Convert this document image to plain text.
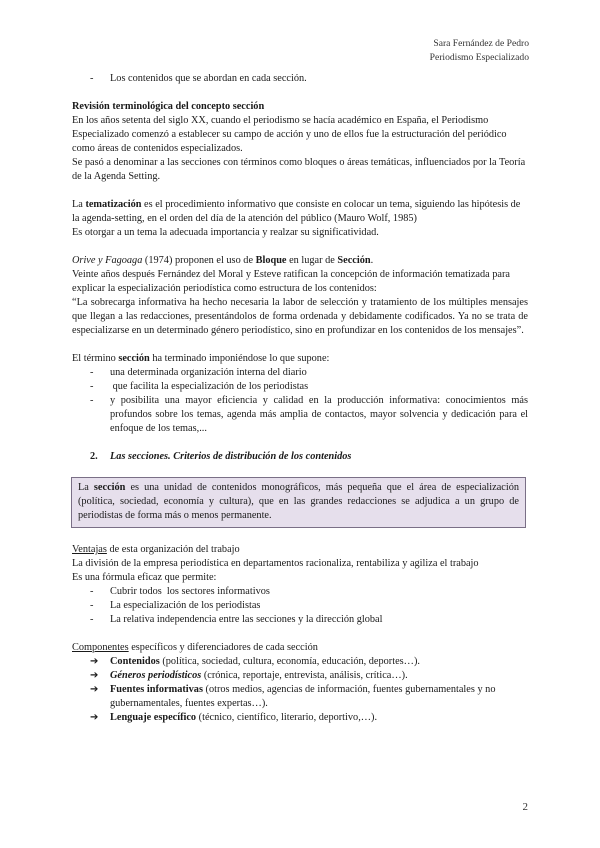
Sara Fernández de Pedro
Periodismo Especializado
- Los contenidos que se abordan en cada sección.

Revisión terminológica del concepto sección

En los años setenta del siglo XX, cuando el periodismo se hacía académico en España, el Periodismo Especializado comenzó a establecer su campo de acción y uno de ellos fue la estructuración del periódico como áreas de contenidos especializados.

Se pasó a denominar a las secciones con términos como bloques o áreas temáticas, influenciados por la Teoría de la Agenda Setting.

La tematización es el procedimiento informativo que consiste en colocar un tema, siguiendo las hipótesis de la agenda-setting, en el orden del día de la atención del público (Mauro Wolf, 1985)

Es otorgar a un tema la adecuada importancia y realzar su significatividad.

Orive y Fagoaga (1974) proponen el uso de Bloque en lugar de Sección.

Veinte años después Fernández del Moral y Esteve ratifican la concepción de información tematizada para explicar la especialización periodística como estructura de los contenidos:

“La sobrecarga informativa ha hecho necesaria la labor de selección y tratamiento de los múltiples mensajes que llegan a las redacciones, presentándolos de forma ordenada y debidamente codificados. Ya no se trata de especializarse en un determinado género periodístico, sino en profundizar en los contenidos de los mensajes”.

El término sección ha terminado imponiéndose lo que supone:

- una determinada organización interna del diario
- que facilita la especialización de los periodistas
- y posibilita una mayor eficiencia y calidad en la producción informativa: conocimientos más profundos sobre los temas, agenda más amplia de contactos, mayor solvencia y dedicación para el enfoque de los temas,...
2. Las secciones. Criterios de distribución de los contenidos
La sección es una unidad de contenidos monográficos, más pequeña que el área de especialización (política, sociedad, economía y cultura), que en las grandes redacciones se adjudica a un grupo de periodistas de forma más o menos permanente.

Ventajas de esta organización del trabajo

La división de la empresa periodística en departamentos racionaliza, rentabiliza y agiliza el trabajo

Es una fórmula eficaz que permite:

- Cubrir todos  los sectores informativos
- La especialización de los periodistas
- La relativa independencia entre las secciones y la dirección global

Componentes específicos y diferenciadores de cada sección

➔ Contenidos (política, sociedad, cultura, economía, educación, deportes…).
➔ Géneros periodísticos (crónica, reportaje, entrevista, análisis, crítica…).
➔ Fuentes informativas (otros medios, agencias de información, fuentes gubernamentales y no gubernamentales, fuentes expertas…).
➔ Lenguaje específico (técnico, científico, literario, deportivo,…).
2
